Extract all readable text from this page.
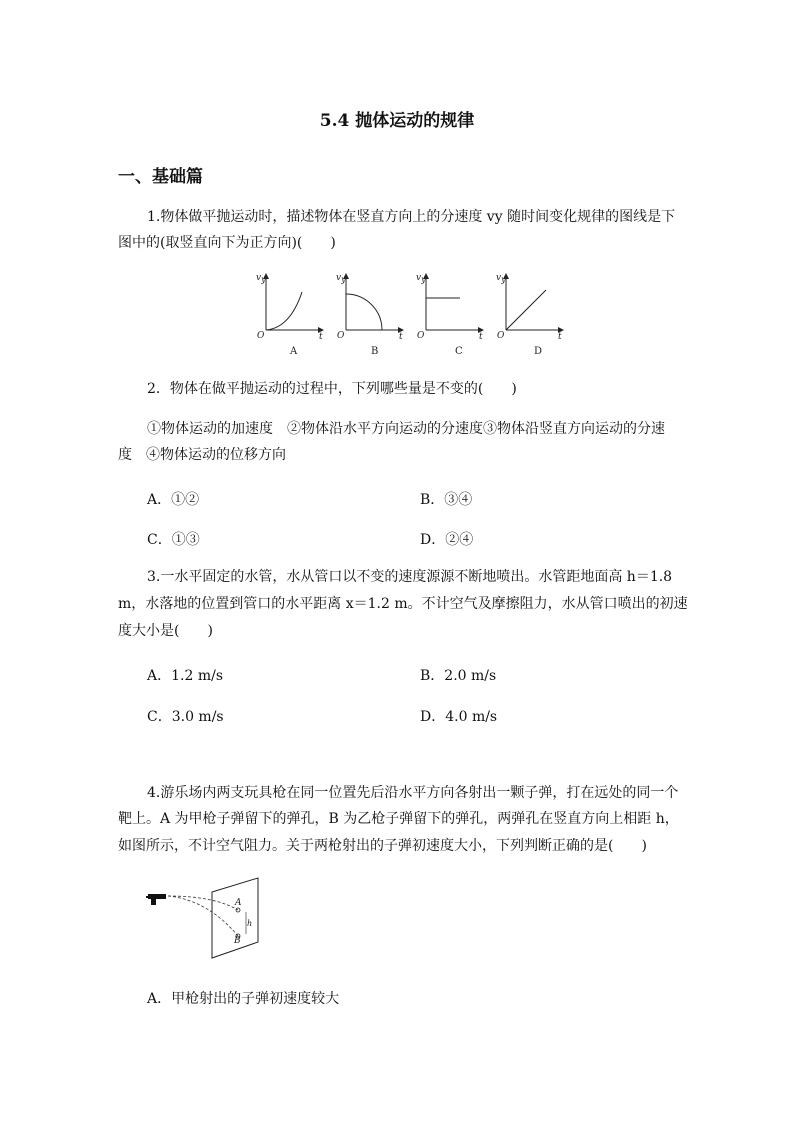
5.4 抛体运动的规律
一、基础篇
1.物体做平抛运动时，描述物体在竖直方向上的分速度 vy 随时间变化规律的图线是下
图中的(取竖直向下为正方向)(　　)
vy
O	t
A
vy
O	t
B
vy
O	t
C
vy
O	t
D
2．物体在做平抛运动的过程中，下列哪些量是不变的(　　)
①物体运动的加速度　②物体沿水平方向运动的分速度③物体沿竖直方向运动的分速
度　④物体运动的位移方向
A．①②	B．③④
C．①③	D．②④
3.一水平固定的水管，水从管口以不变的速度源源不断地喷出。水管距地面高 h＝1.8
m，水落地的位置到管口的水平距离 x＝1.2 m。不计空气及摩擦阻力，水从管口喷出的初速
度大小是(　　)
A．1.2 m/s	B．2.0 m/s
C．3.0 m/s	D．4.0 m/s
4.游乐场内两支玩具枪在同一位置先后沿水平方向各射出一颗子弹，打在远处的同一个
靶上。A 为甲枪子弹留下的弹孔，B 为乙枪子弹留下的弹孔，两弹孔在竖直方向上相距 h，
如图所示，不计空气阻力。关于两枪射出的子弹初速度大小，下列判断正确的是(　　)
A
B
h
A．甲枪射出的子弹初速度较大
